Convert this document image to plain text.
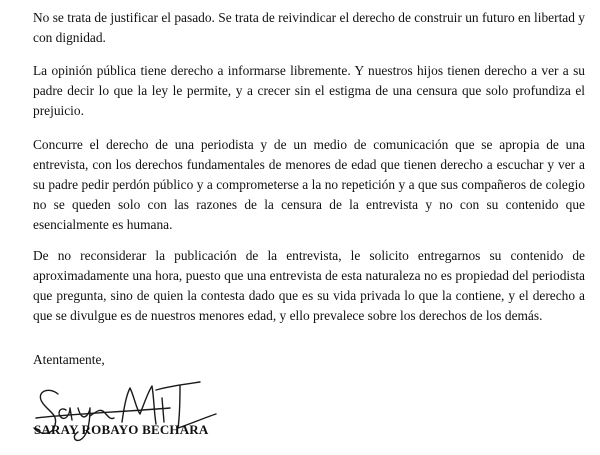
No se trata de justificar el pasado. Se trata de reivindicar el derecho de construir un futuro en libertad y con dignidad.

La opinión pública tiene derecho a informarse libremente. Y nuestros hijos tienen derecho a ver a su padre decir lo que la ley le permite, y a crecer sin el estigma de una censura que solo profundiza el prejuicio.

Concurre el derecho de una periodista y de un medio de comunicación que se apropia de una entrevista, con los derechos fundamentales de menores de edad que tienen derecho a escuchar y ver a su padre pedir perdón público y a comprometerse a la no repetición y a que sus compañeros de colegio no se queden solo con las razones de la censura de la entrevista y no con su contenido que esencialmente es humana.

De no reconsiderar la publicación de la entrevista, le solicito entregarnos su contenido de aproximadamente una hora, puesto que una entrevista de esta naturaleza no es propiedad del periodista que pregunta, sino de quien la contesta dado que es su vida privada lo que la contiene, y el derecho a que se divulgue es de nuestros menores edad, y ello prevalece sobre los derechos de los demás.

Atentamente,

SARAY ROBAYO BECHARA
